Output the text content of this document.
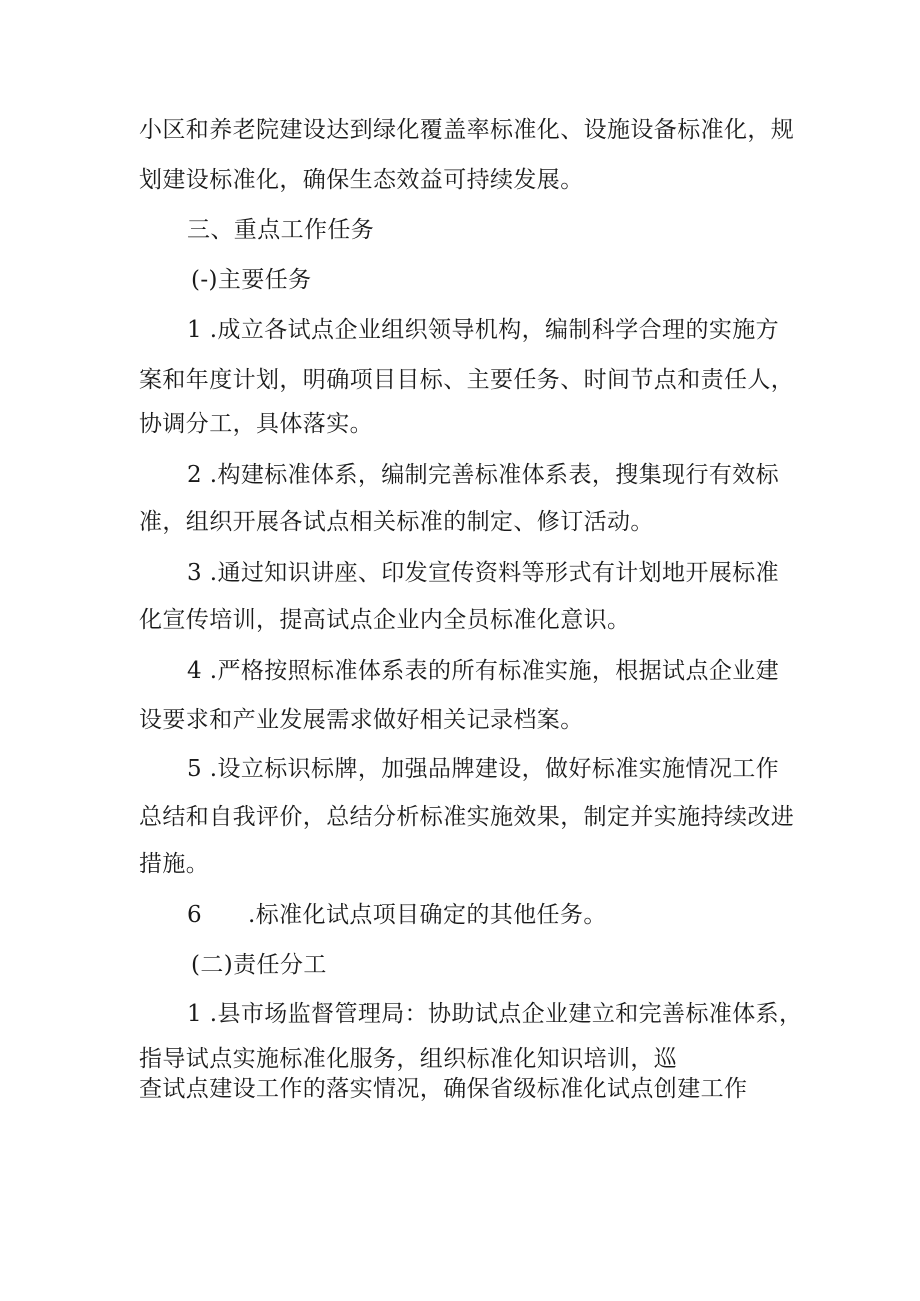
小区和养老院建设达到绿化覆盖率标准化、设施设备标准化，规

划建设标准化，确保生态效益可持续发展。

三、重点工作任务

(-)主要任务

1 .成立各试点企业组织领导机构，编制科学合理的实施方

案和年度计划，明确项目目标、主要任务、时间节点和责任人，

协调分工，具体落实。

2 .构建标准体系，编制完善标准体系表，搜集现行有效标

准，组织开展各试点相关标准的制定、修订活动。

3 .通过知识讲座、印发宣传资料等形式有计划地开展标准

化宣传培训，提高试点企业内全员标准化意识。

4 .严格按照标准体系表的所有标准实施，根据试点企业建

设要求和产业发展需求做好相关记录档案。

5 .设立标识标牌，加强品牌建设，做好标准实施情况工作

总结和自我评价，总结分析标准实施效果，制定并实施持续改进

措施。

6 .标准化试点项目确定的其他任务。

(二)责任分工

1 .县市场监督管理局：协助试点企业建立和完善标准体系，

指导试点实施标准化服务，组织标准化知识培训，巡

查试点建设工作的落实情况，确保省级标准化试点创建工作
